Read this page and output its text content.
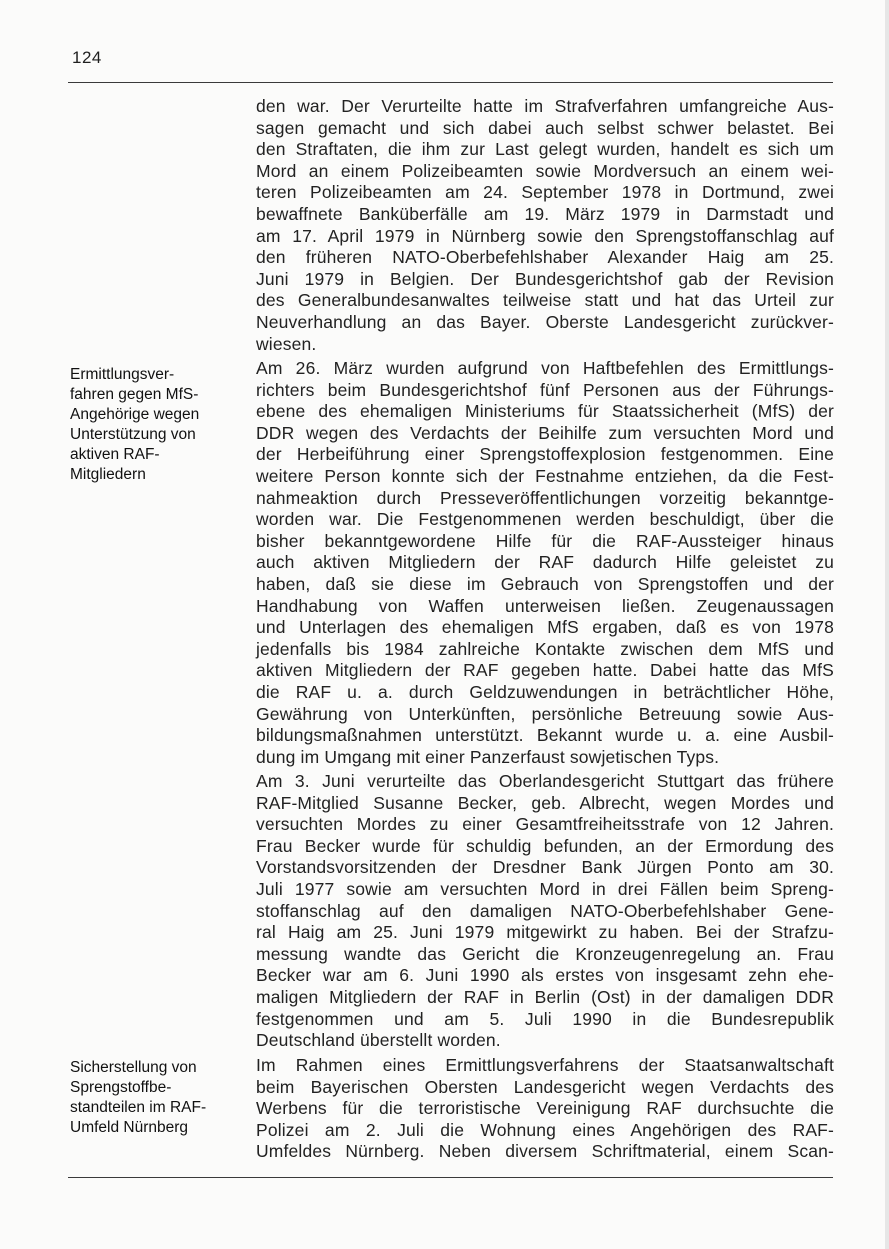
124
den war. Der Verurteilte hatte im Strafverfahren umfangreiche Aus-
sagen gemacht und sich dabei auch selbst schwer belastet. Bei
den Straftaten, die ihm zur Last gelegt wurden, handelt es sich um
Mord an einem Polizeibeamten sowie Mordversuch an einem wei-
teren Polizeibeamten am 24. September 1978 in Dortmund, zwei
bewaffnete Banküberfälle am 19. März 1979 in Darmstadt und
am 17. April 1979 in Nürnberg sowie den Sprengstoffanschlag auf
den früheren NATO-Oberbefehlshaber Alexander Haig am 25.
Juni 1979 in Belgien. Der Bundesgerichtshof gab der Revision
des Generalbundesanwaltes teilweise statt und hat das Urteil zur
Neuverhandlung an das Bayer. Oberste Landesgericht zurückver-
wiesen.
Ermittlungsver-
fahren gegen MfS-
Angehörige wegen
Unterstützung von
aktiven RAF-
Mitgliedern
Am 26. März wurden aufgrund von Haftbefehlen des Ermittlungs-
richters beim Bundesgerichtshof fünf Personen aus der Führungs-
ebene des ehemaligen Ministeriums für Staatssicherheit (MfS) der
DDR wegen des Verdachts der Beihilfe zum versuchten Mord und
der Herbeiführung einer Sprengstoffexplosion festgenommen. Eine
weitere Person konnte sich der Festnahme entziehen, da die Fest-
nahmeaktion durch Presseveröffentlichungen vorzeitig bekanntge-
worden war. Die Festgenommenen werden beschuldigt, über die
bisher bekanntgewordene Hilfe für die RAF-Aussteiger hinaus
auch aktiven Mitgliedern der RAF dadurch Hilfe geleistet zu
haben, daß sie diese im Gebrauch von Sprengstoffen und der
Handhabung von Waffen unterweisen ließen. Zeugenaussagen
und Unterlagen des ehemaligen MfS ergaben, daß es von 1978
jedenfalls bis 1984 zahlreiche Kontakte zwischen dem MfS und
aktiven Mitgliedern der RAF gegeben hatte. Dabei hatte das MfS
die RAF u. a. durch Geldzuwendungen in beträchtlicher Höhe,
Gewährung von Unterkünften, persönliche Betreuung sowie Aus-
bildungsmaßnahmen unterstützt. Bekannt wurde u. a. eine Ausbil-
dung im Umgang mit einer Panzerfaust sowjetischen Typs.
Am 3. Juni verurteilte das Oberlandesgericht Stuttgart das frühere
RAF-Mitglied Susanne Becker, geb. Albrecht, wegen Mordes und
versuchten Mordes zu einer Gesamtfreiheitsstrafe von 12 Jahren.
Frau Becker wurde für schuldig befunden, an der Ermordung des
Vorstandsvorsitzenden der Dresdner Bank Jürgen Ponto am 30.
Juli 1977 sowie am versuchten Mord in drei Fällen beim Spreng-
stoffanschlag auf den damaligen NATO-Oberbefehlshaber Gene-
ral Haig am 25. Juni 1979 mitgewirkt zu haben. Bei der Strafzu-
messung wandte das Gericht die Kronzeugenregelung an. Frau
Becker war am 6. Juni 1990 als erstes von insgesamt zehn ehe-
maligen Mitgliedern der RAF in Berlin (Ost) in der damaligen DDR
festgenommen und am 5. Juli 1990 in die Bundesrepublik
Deutschland überstellt worden.
Sicherstellung von
Sprengstoffbe-
standteilen im RAF-
Umfeld Nürnberg
Im Rahmen eines Ermittlungsverfahrens der Staatsanwaltschaft
beim Bayerischen Obersten Landesgericht wegen Verdachts des
Werbens für die terroristische Vereinigung RAF durchsuchte die
Polizei am 2. Juli die Wohnung eines Angehörigen des RAF-
Umfeldes Nürnberg. Neben diversem Schriftmaterial, einem Scan-
